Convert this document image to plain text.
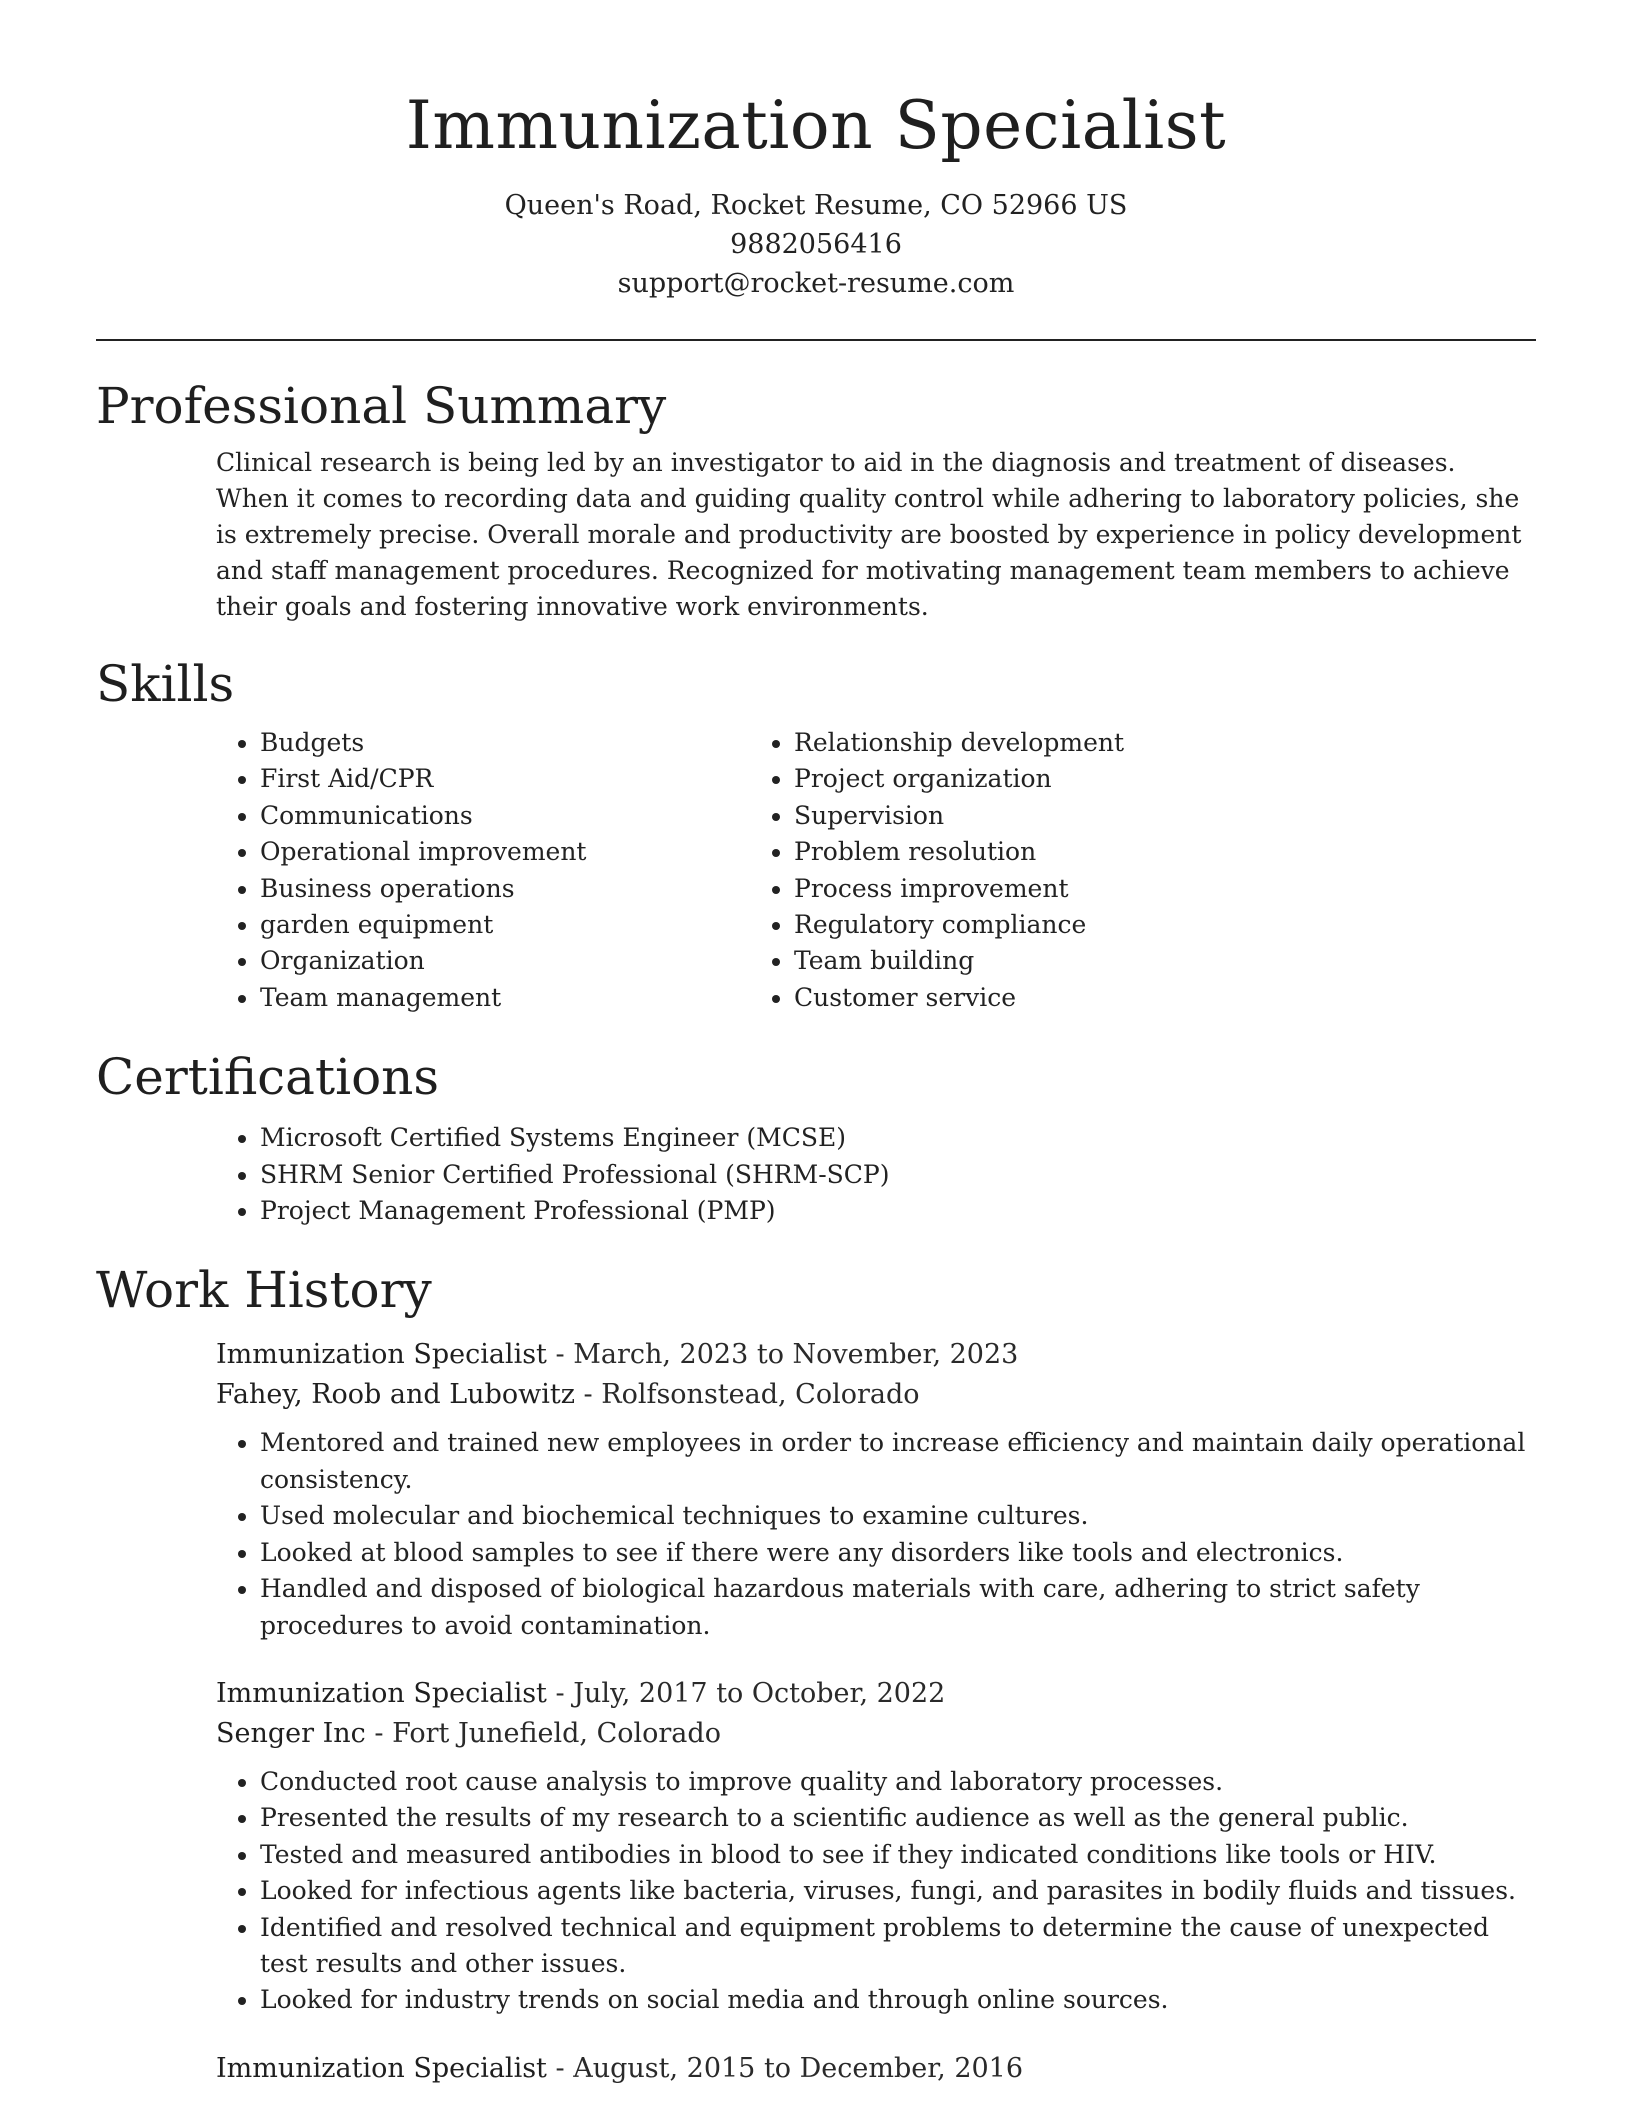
Immunization Specialist

Queen's Road, Rocket Resume, CO 52966 US

9882056416

support@rocket-resume.com

Professional Summary

Clinical research is being led by an investigator to aid in the diagnosis and treatment of diseases. When it comes to recording data and guiding quality control while adhering to laboratory policies, she is extremely precise. Overall morale and productivity are boosted by experience in policy development and staff management procedures. Recognized for motivating management team members to achieve their goals and fostering innovative work environments.

Skills
• Budgets
• First Aid/CPR
• Communications
• Operational improvement
• Business operations
• garden equipment
• Organization
• Team management
• Relationship development
• Project organization
• Supervision
• Problem resolution
• Process improvement
• Regulatory compliance
• Team building
• Customer service
Certifications
• Microsoft Certified Systems Engineer (MCSE)
• SHRM Senior Certified Professional (SHRM-SCP)
• Project Management Professional (PMP)
Work History

Immunization Specialist - March, 2023 to November, 2023

Fahey, Roob and Lubowitz - Rolfsonstead, Colorado

• Mentored and trained new employees in order to increase efficiency and maintain daily operational consistency.
• Used molecular and biochemical techniques to examine cultures.
• Looked at blood samples to see if there were any disorders like tools and electronics.
• Handled and disposed of biological hazardous materials with care, adhering to strict safety procedures to avoid contamination.

Immunization Specialist - July, 2017 to October, 2022

Senger Inc - Fort Junefield, Colorado

• Conducted root cause analysis to improve quality and laboratory processes.
• Presented the results of my research to a scientific audience as well as the general public.
• Tested and measured antibodies in blood to see if they indicated conditions like tools or HIV.
• Looked for infectious agents like bacteria, viruses, fungi, and parasites in bodily fluids and tissues.
• Identified and resolved technical and equipment problems to determine the cause of unexpected test results and other issues.
• Looked for industry trends on social media and through online sources.

Immunization Specialist - August, 2015 to December, 2016
